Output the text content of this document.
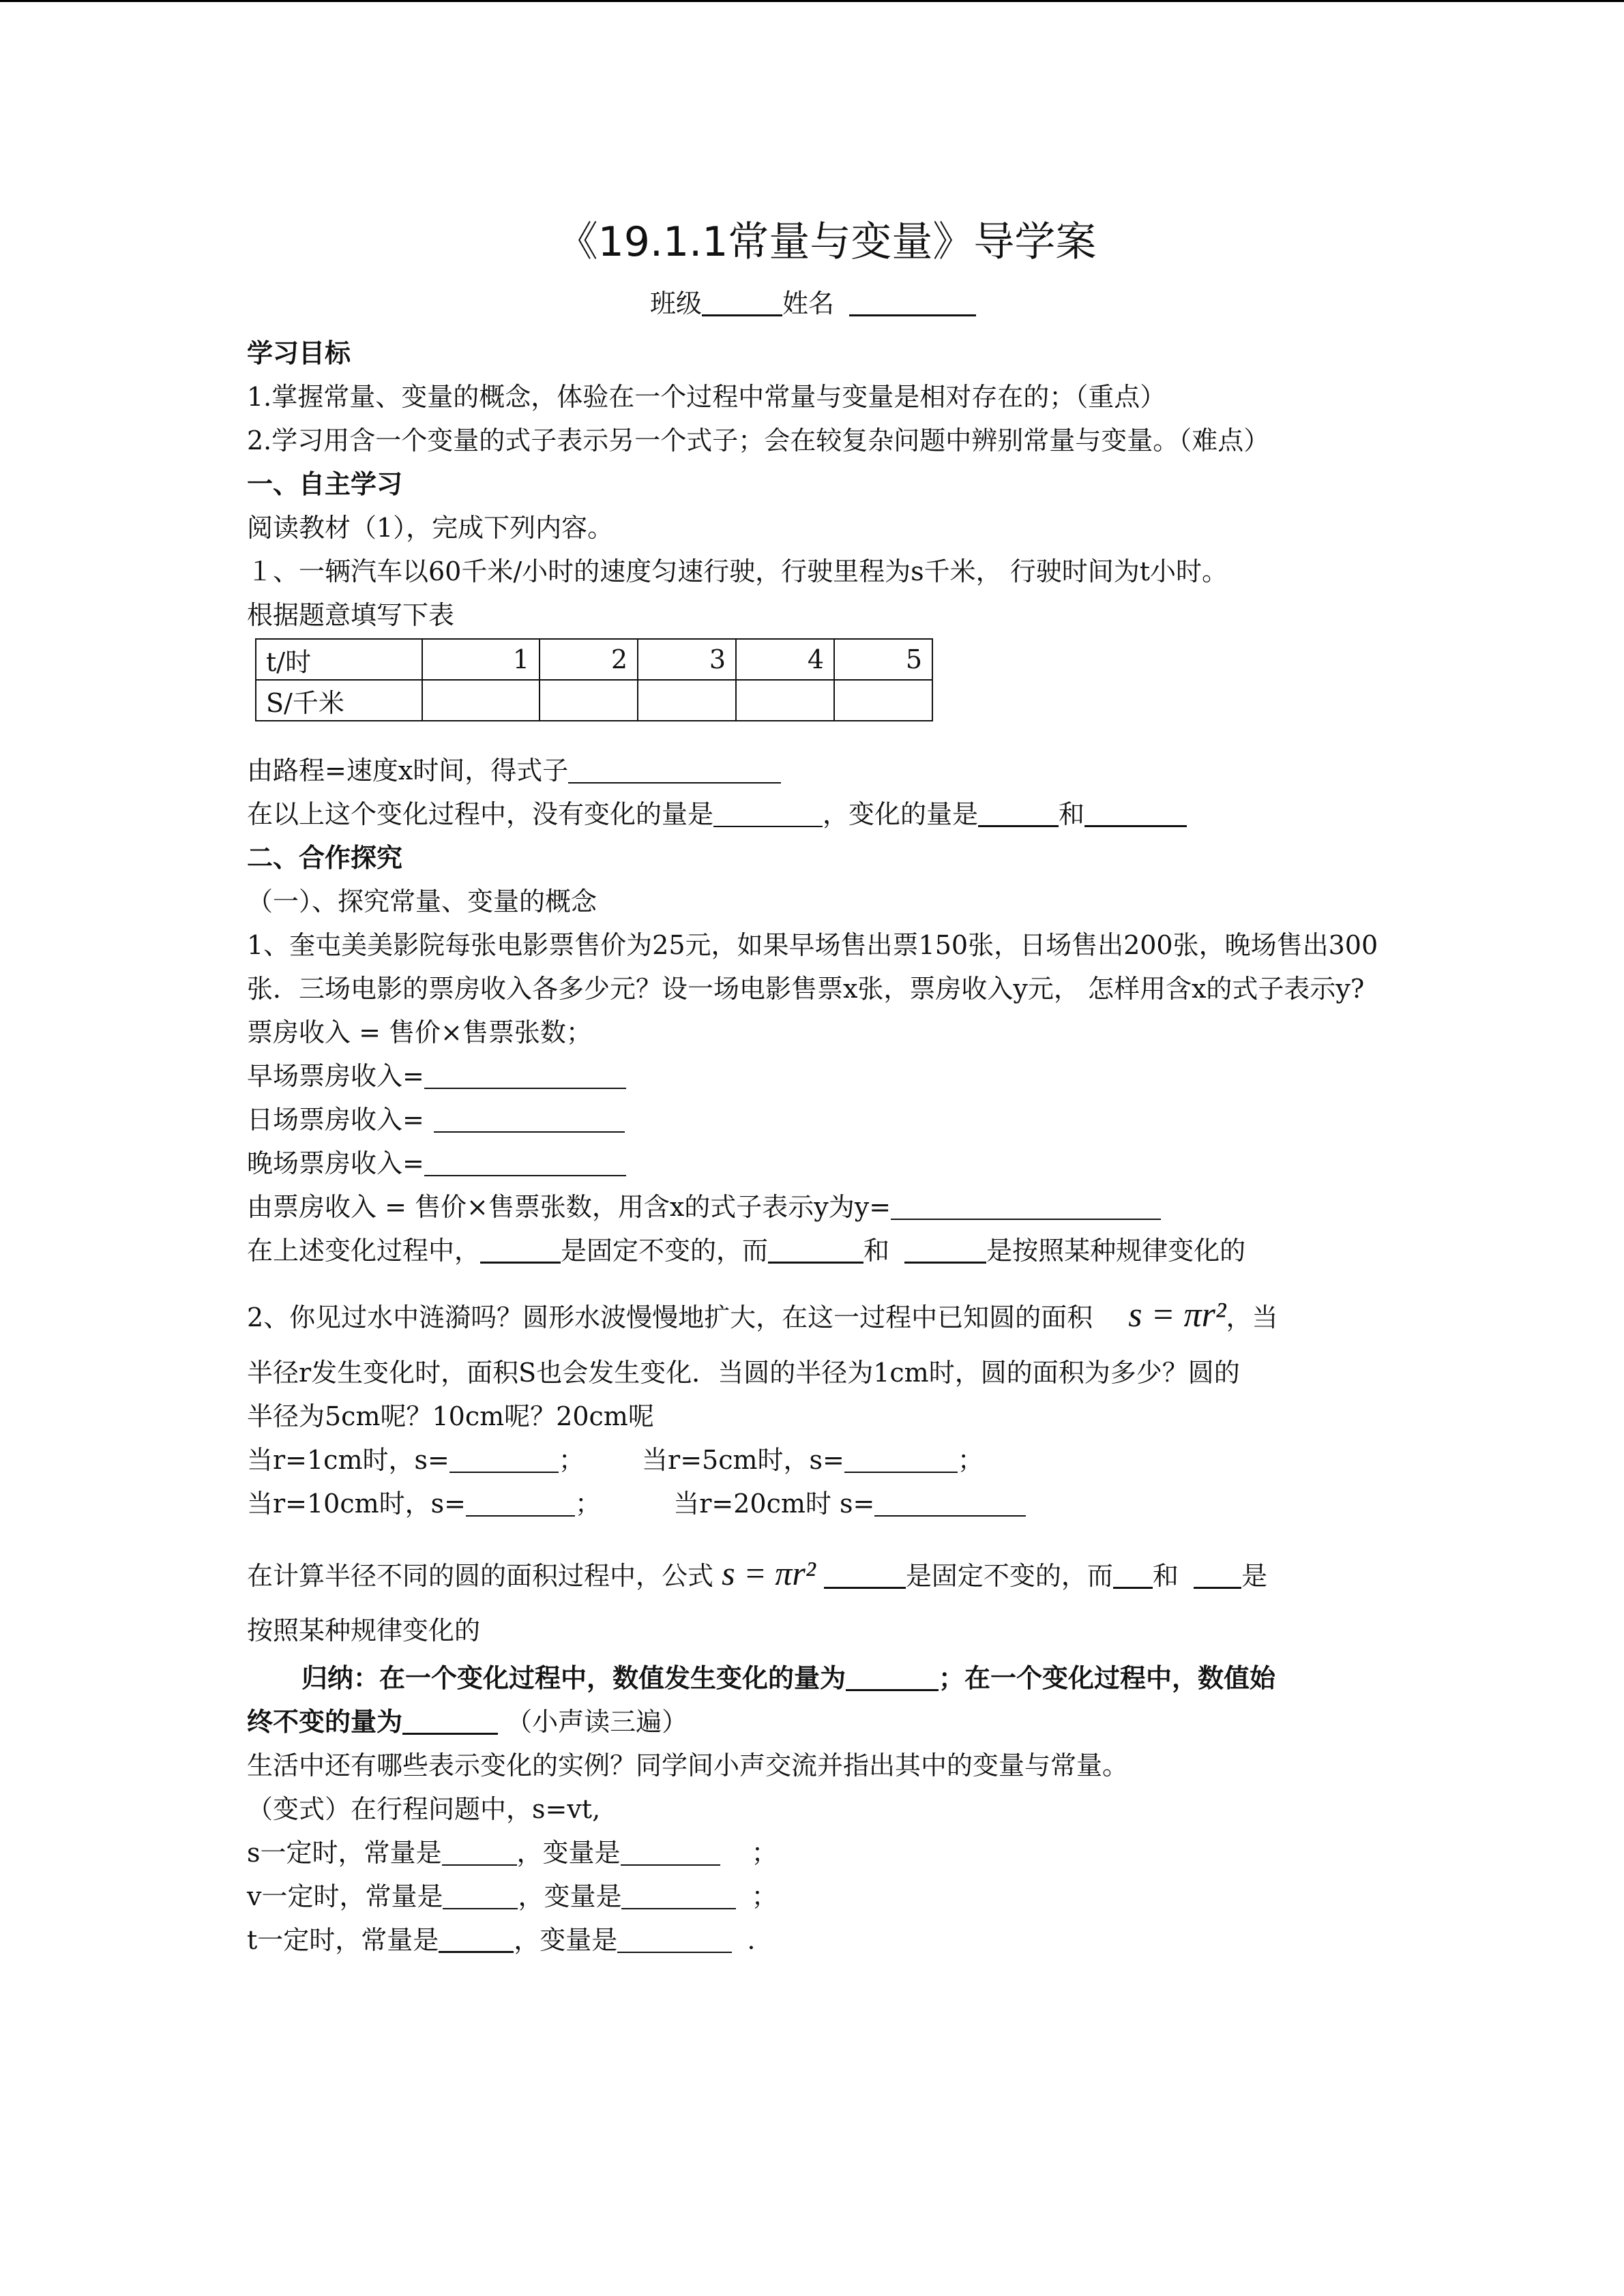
《19.1.1常量与变量》导学案
班级	姓名
学习目标
1.掌握常量、变量的概念，体验在一个过程中常量与变量是相对存在的；（重点）
2.学习用含一个变量的式子表示另一个式子；会在较复杂问题中辨别常量与变量。（难点）
一、自主学习
阅读教材（1），完成下列内容。
１、一辆汽车以60千米/小时的速度匀速行驶，行驶里程为s千米， 行驶时间为t小时。
根据题意填写下表
t/时	1	2	3	4	5
S/千米					
由路程=速度x时间，得式子
在以上这个变化过程中，没有变化的量是	，变化的量是	和
二、合作探究
（一）、探究常量、变量的概念
1、奎屯美美影院每张电影票售价为25元，如果早场售出票150张，日场售出200张，晚场售出300张．三场电影的票房收入各多少元？设一场电影售票x张，票房收入y元， 怎样用含x的式子表示y?
票房收入 = 售价×售票张数；
早场票房收入=
日场票房收入=
晚场票房收入=
由票房收入 = 售价×售票张数，用含x的式子表示y为y=
在上述变化过程中，	是固定不变的，而	和	是按照某种规律变化的
2、你见过水中涟漪吗？圆形水波慢慢地扩大，在这一过程中已知圆的面积 s = πr²，当
半径r发生变化时，面积S也会发生变化．当圆的半径为1cm时，圆的面积为多少？圆的
半径为5cm呢？10cm呢？20cm呢
当r=1cm时，s=	； 当r=5cm时，s=	；
当r=10cm时，s=	；	当r=20cm时 s=
在计算半径不同的圆的面积过程中，公式 s = πr²	是固定不变的，而 和 是
按照某种规律变化的
归纳：在一个变化过程中，数值发生变化的量为	；在一个变化过程中，数值始
终不变的量为	（小声读三遍）
生活中还有哪些表示变化的实例？同学间小声交流并指出其中的变量与常量。
（变式）在行程问题中，s=vt,
s一定时，常量是	，变量是	；
v一定时，常量是	，变量是	；
t一定时，常量是	，变量是	.
